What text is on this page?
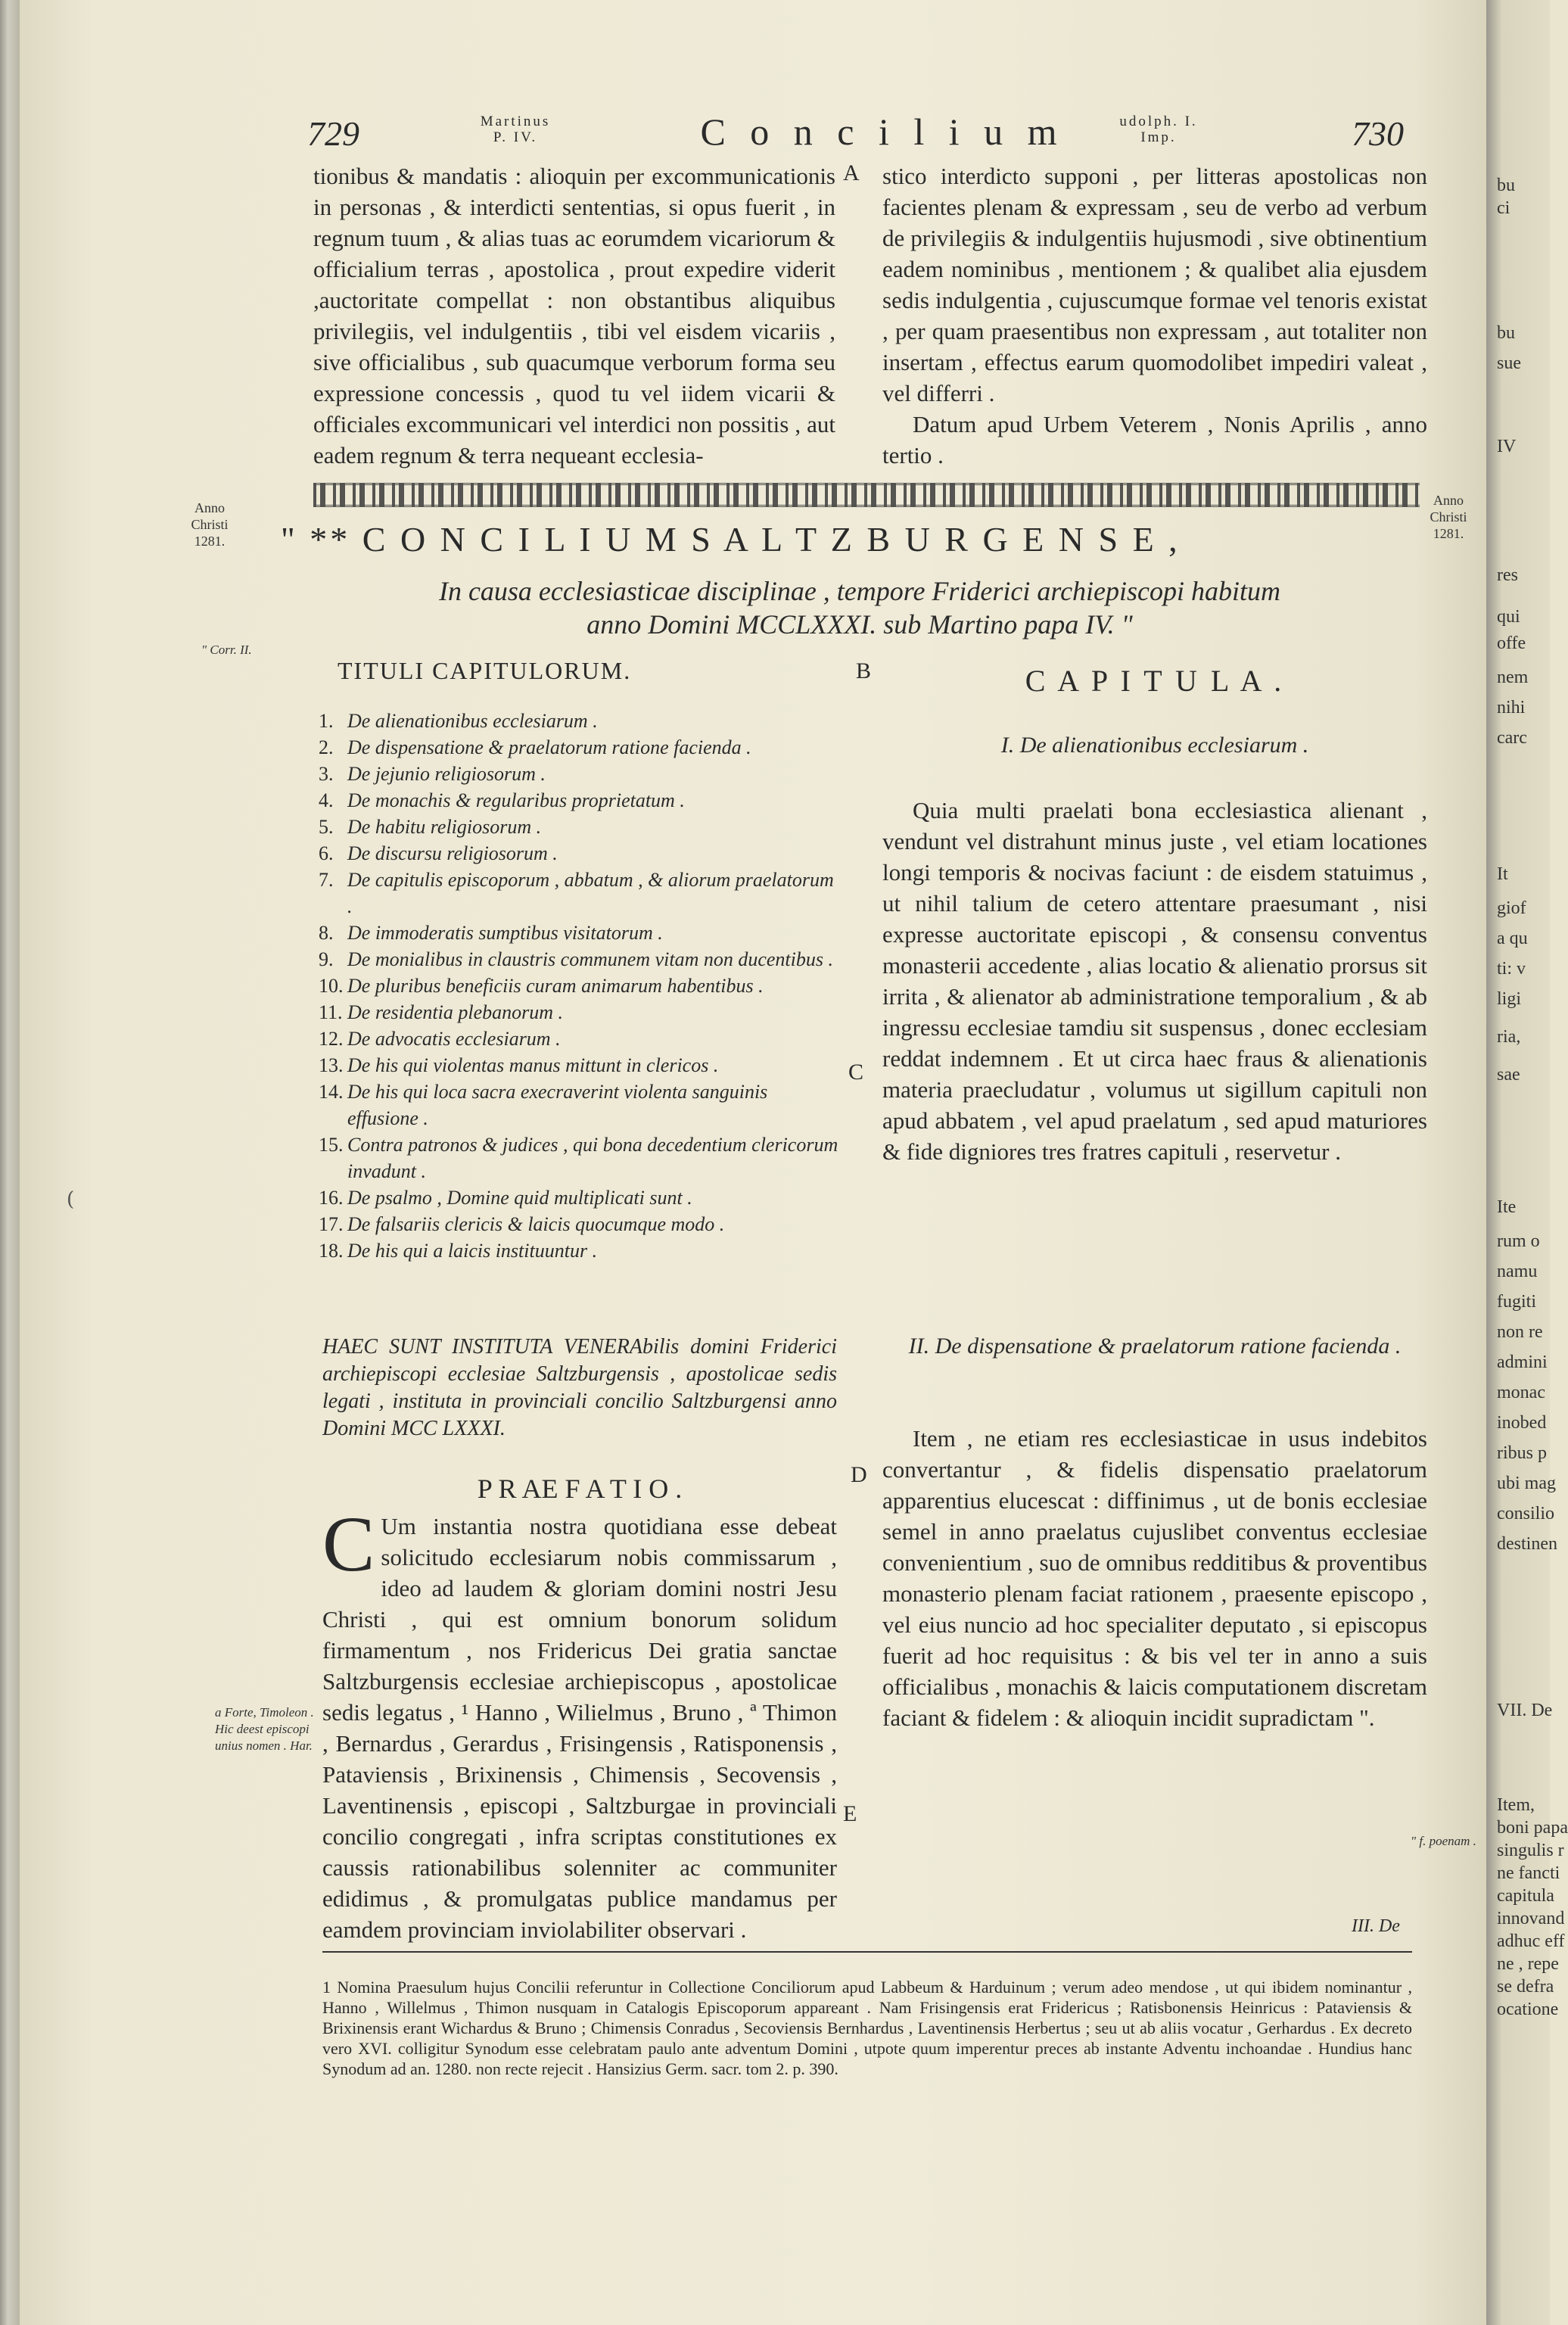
729	Martinus
P. IV.	C o n c i l i u m	udolph. I.
Imp.	730
tionibus & mandatis : alioquin per excommunicationis in personas , & interdicti sententias, si opus fuerit , in regnum tuum , & alias tuas ac eorumdem vicariorum & officialium terras , apostolica , prout expedire viderit ,auctoritate compellat : non obstantibus aliquibus privilegiis, vel indulgentiis , tibi vel eisdem vicariis , sive officialibus , sub quacumque verborum forma seu expressione concessis , quod tu vel iidem vicarii & officiales excommunicari vel interdici non possitis , aut eadem regnum & terra nequeant ecclesia-
A stico interdicto supponi , per litteras apostolicas non facientes plenam & expressam , seu de verbo ad verbum de privilegiis & indulgentiis hujusmodi , sive obtinentium eadem nominibus , mentionem ; & qualibet alia ejusdem sedis indulgentia , cujuscumque formae vel tenoris existat , per quam praesentibus non expressam , aut totaliter non insertam , effectus earum quomodolibet impediri valeat , vel differri .

Datum apud Urbem Veterem , Nonis Aprilis , anno tertio .

Anno
Christi
1281.
Anno
Christi
1281.
" ** C O N C I L I U M S A L T Z B U R G E N S E ,
In causa ecclesiasticae disciplinae , tempore Friderici archiepiscopi habitum
anno Domini MCCLXXXI. sub Martino papa IV. "
" Corr. II.
TITULI CAPITULORUM.	B
1. De alienationibus ecclesiarum .
2. De dispensatione & praelatorum ratione facienda .
3. De jejunio religiosorum .
4. De monachis & regularibus proprietatum .
5. De habitu religiosorum .
6. De discursu religiosorum .
7. De capitulis episcoporum , abbatum , & aliorum praelatorum .
8. De immoderatis sumptibus visitatorum .
9. De monialibus in claustris communem vitam non ducentibus .
10. De pluribus beneficiis curam animarum habentibus .
11. De residentia plebanorum .
12. De advocatis ecclesiarum .
13. De his qui violentas manus mittunt in clericos .
14. De his qui loca sacra execraverint violenta sanguinis effusione .
15. Contra patronos & judices , qui bona decedentium clericorum invadunt .
16. De psalmo , Domine quid multiplicati sunt .
17. De falsariis clericis & laicis quocumque modo .
18. De his qui a laicis instituuntur .
C
HAEC SUNT INSTITUTA VENERAbilis domini Friderici archiepiscopi ecclesiae Saltzburgensis , apostolicae sedis legati , instituta in provinciali concilio Saltzburgensi anno Domini MCC LXXXI.
P R AE F A T I O .	D
C Um instantia nostra quotidiana esse debeat solicitudo ecclesiarum nobis commissarum , ideo ad laudem & gloriam domini nostri Jesu Christi , qui est omnium bonorum solidum firmamentum , nos Fridericus Dei gratia sanctae Saltzburgensis ecclesiae archiepiscopus , apostolicae sedis legatus , ¹ Hanno , Wilielmus , Bruno , ª Thimon , Bernardus , Gerardus , Frisingensis , Ratisponensis , Pataviensis , Brixinensis , Chimensis , Secovensis , Laventinensis , episcopi , Saltzburgae in provinciali concilio congregati , infra scriptas constitutiones ex caussis rationabilibus solenniter ac communiter edidimus , & promulgatas publice mandamus per eamdem provinciam inviolabiliter observari .
a Forte, Timoleon . Hic deest episcopi unius nomen . Har.
E
C A P I T U L A .
I. De alienationibus ecclesiarum .
Quia multi praelati bona ecclesiastica alienant , vendunt vel distrahunt minus juste , vel etiam locationes longi temporis & nocivas faciunt : de eisdem statuimus , ut nihil talium de cetero attentare praesumant , nisi expresse auctoritate episcopi , & consensu conventus monasterii accedente , alias locatio & alienatio prorsus sit irrita , & alienator ab administratione temporalium , & ab ingressu ecclesiae tamdiu sit suspensus , donec ecclesiam reddat indemnem . Et ut circa haec fraus & alienationis materia praecludatur , volumus ut sigillum capituli non apud abbatem , vel apud praelatum , sed apud maturiores & fide digniores tres fratres capituli , reservetur .
II. De dispensatione & praelatorum ratione facienda .
Item , ne etiam res ecclesiasticae in usus indebitos convertantur , & fidelis dispensatio praelatorum apparentius elucescat : diffinimus , ut de bonis ecclesiae semel in anno praelatus cujuslibet conventus ecclesiae convenientium , suo de omnibus redditibus & proventibus monasterio plenam faciat rationem , praesente episcopo , vel eius nuncio ad hoc specialiter deputato , si episcopus fuerit ad hoc requisitus : & bis vel ter in anno a suis officialibus , monachis & laicis computationem discretam faciant & fidelem : & alioquin incidit supradictam ".
" f. poenam .
III. De
1 Nomina Praesulum hujus Concilii referuntur in Collectione Conciliorum apud Labbeum & Harduinum ; verum adeo mendose , ut qui ibidem nominantur , Hanno , Willelmus , Thimon nusquam in Catalogis Episcoporum appareant . Nam Frisingensis erat Fridericus ; Ratisbonensis Heinricus : Pataviensis & Brixinensis erant Wichardus & Bruno ; Chimensis Conradus , Secoviensis Bernhardus , Laventinensis Herbertus ; seu ut ab aliis vocatur , Gerhardus . Ex decreto vero XVI. colligitur Synodum esse celebratam paulo ante adventum Domini , utpote quum imperentur preces ab instante Adventu inchoandae . Hundius hanc Synodum ad an. 1280. non recte rejecit . Hansizius Germ. sacr. tom 2. p. 390.
(
bu
ci
bu
sue
IV
res
qui
offe
nem
nihi
carc
It
giof
a qu
ti: v
ligi
ria,
sae
Ite
rum o
namu
fugiti
non re
admini
monac
inobed
ribus p
ubi mag
consilio
destinen
VII. De
Item,
boni papa
singulis r
ne fancti
capitula
innovand
adhuc eff
ne , repe
se defra
ocatione
